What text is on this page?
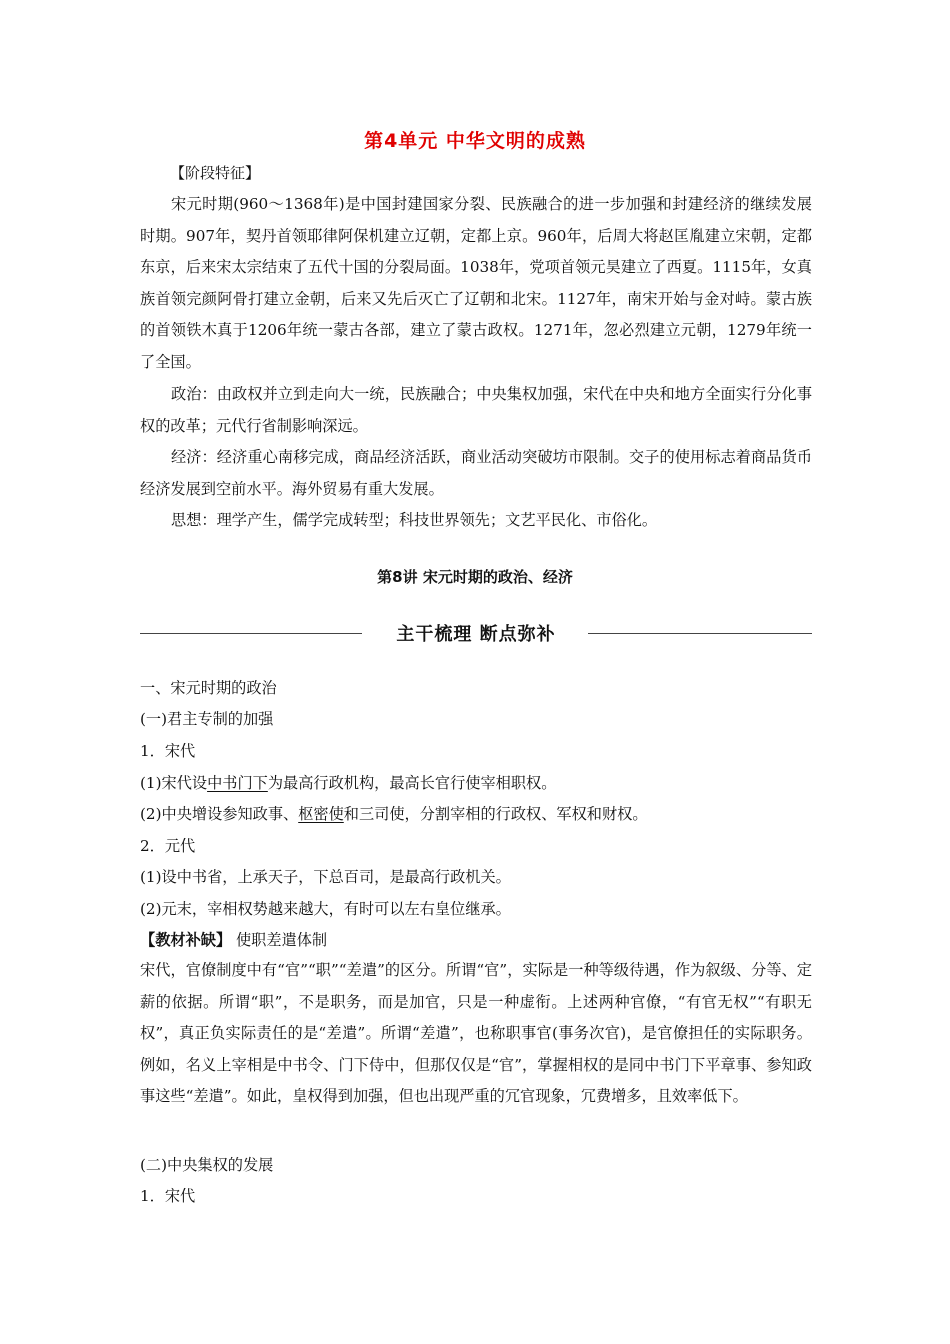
第4单元 中华文明的成熟
【阶段特征】

宋元时期(960～1368年)是中国封建国家分裂、民族融合的进一步加强和封建经济的继续发展时期。907年，契丹首领耶律阿保机建立辽朝，定都上京。960年，后周大将赵匡胤建立宋朝，定都东京，后来宋太宗结束了五代十国的分裂局面。1038年，党项首领元昊建立了西夏。1115年，女真族首领完颜阿骨打建立金朝，后来又先后灭亡了辽朝和北宋。1127年，南宋开始与金对峙。蒙古族的首领铁木真于1206年统一蒙古各部，建立了蒙古政权。1271年，忽必烈建立元朝，1279年统一了全国。

政治：由政权并立到走向大一统，民族融合；中央集权加强，宋代在中央和地方全面实行分化事权的改革；元代行省制影响深远。

经济：经济重心南移完成，商品经济活跃，商业活动突破坊市限制。交子的使用标志着商品货币经济发展到空前水平。海外贸易有重大发展。

思想：理学产生，儒学完成转型；科技世界领先；文艺平民化、市俗化。

第8讲 宋元时期的政治、经济
主干梳理 断点弥补
一、宋元时期的政治
(一)君主专制的加强
1．宋代
(1)宋代设中书门下为最高行政机构，最高长官行使宰相职权。
(2)中央增设参知政事、枢密使和三司使，分割宰相的行政权、军权和财权。
2．元代
(1)设中书省，上承天子，下总百司，是最高行政机关。
(2)元末，宰相权势越来越大，有时可以左右皇位继承。
【教材补缺】 使职差遣体制

宋代，官僚制度中有“官”“职”“差遣”的区分。所谓“官”，实际是一种等级待遇，作为叙级、分等、定薪的依据。所谓“职”，不是职务，而是加官，只是一种虚衔。上述两种官僚，“有官无权”“有职无权”，真正负实际责任的是“差遣”。所谓“差遣”，也称职事官(事务次官)，是官僚担任的实际职务。例如，名义上宰相是中书令、门下侍中，但那仅仅是“官”，掌握相权的是同中书门下平章事、参知政事这些“差遣”。如此，皇权得到加强，但也出现严重的冗官现象，冗费增多，且效率低下。

(二)中央集权的发展
1．宋代
